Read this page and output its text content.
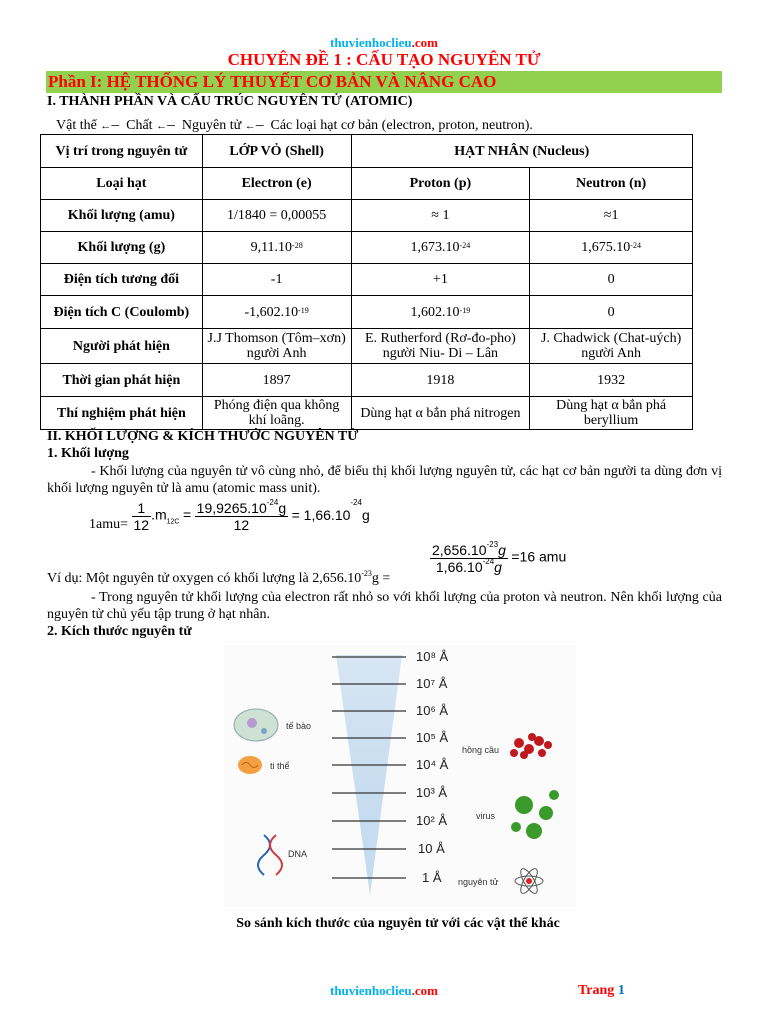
thuvienhoclieu.com
CHUYÊN ĐỀ 1 : CẤU TẠO NGUYÊN TỬ
Phần I: HỆ THỐNG LÝ THUYẾT CƠ BẢN VÀ NÂNG CAO
I. THÀNH PHẦN VÀ CẤU TRÚC NGUYÊN TỬ (ATOMIC)
Vật thể ←─ Chất ←─ Nguyên tử ←─ Các loại hạt cơ bản (electron, proton, neutron).
Vị trí trong nguyên tử	LỚP VỎ (Shell)	HẠT NHÂN (Nucleus)	
Loại hạt	Electron (e)	Proton (p)	Neutron (n)
Khối lượng (amu)	1/1840 = 0,00055	≈ 1	≈1
Khối lượng (g)	$9,11.10^{-28}$	$1,673.10^{-24}$	$1,675.10^{-24}$
Điện tích tương đối	-1	+1	0
Điện tích C (Coulomb)	$-1,602.10^{-19}$	$1,602.10^{-19}$	0
Người phát hiện	J.J Thomson (Tôm–xơn) người Anh	E. Rutherford (Rơ-đo-pho) người Niu- Di – Lân	J. Chadwick (Chat-uých) người Anh
Thời gian phát hiện	1897	1918	1932
Thí nghiệm phát hiện	Phóng điện qua không khí loãng.	Dùng hạt α bắn phá nitrogen	Dùng hạt α bắn phá beryllium
II. KHỐI LƯỢNG & KÍCH THƯỚC NGUYÊN TỬ
1. Khối lượng
- Khối lượng của nguyên tử vô cùng nhỏ, để biểu thị khối lượng nguyên tử, các hạt cơ bản người ta dùng đơn vị khối lượng nguyên tử là amu (atomic mass unit).
$1amu= \frac{1}{12} .m_{12C} = \frac{19,9265.10^{-24}g}{12} = 1,66.10^{-24}g$
$\frac{2,656.10^{-23}g}{1,66.10^{-24}g} =16$ amu
Ví dụ: Một nguyên tử oxygen có khối lượng là $2,656.10^{-23}g$ =
- Trong nguyên tử khối lượng của electron rất nhỏ so với khối lượng của proton và neutron. Nên khối lượng của nguyên tử chủ yếu tập trung ở hạt nhân.
2. Kích thước nguyên tử
10⁸ Å
10⁷ Å
10⁶ Å
10⁵ Å
10⁴ Å
10³ Å
10² Å
10 Å
1 Å
tế bào
ti thể
DNA
hồng cầu
virus
nguyên tử
So sánh kích thước của nguyên tử với các vật thể khác
thuvienhoclieu.com	Trang 1
